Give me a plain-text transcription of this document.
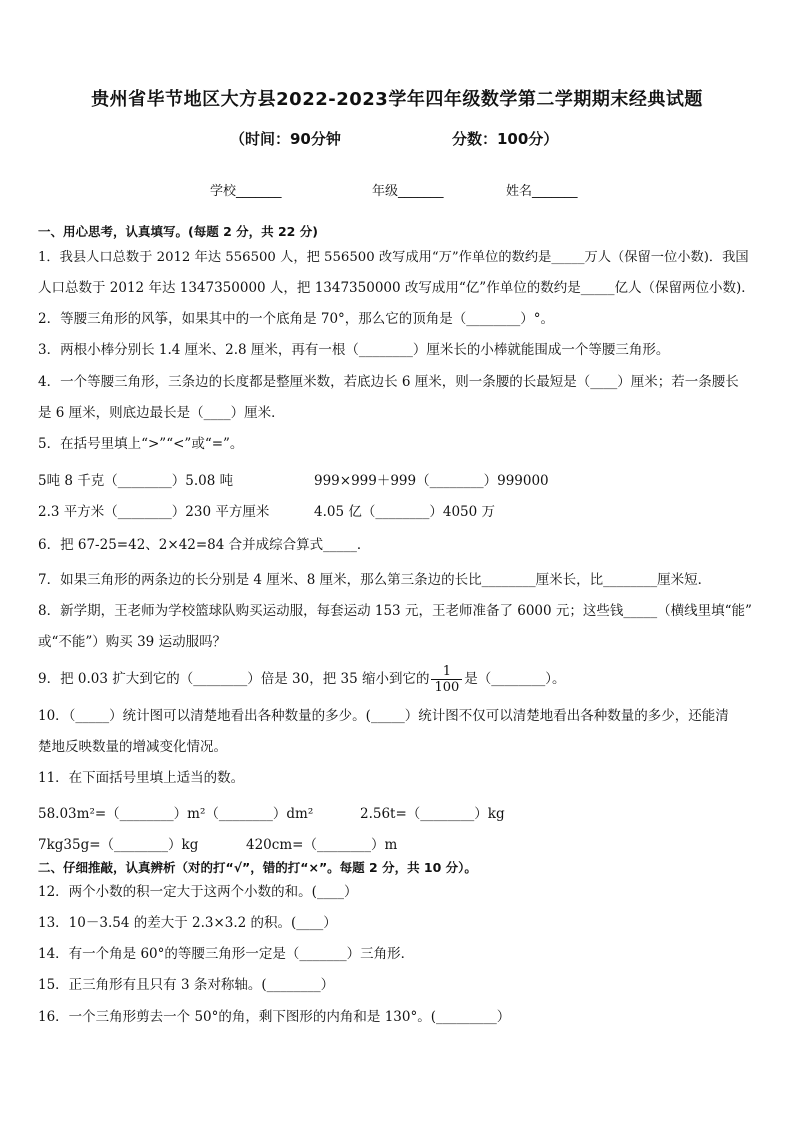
贵州省毕节地区大方县2022-2023学年四年级数学第二学期期末经典试题
（时间：90分钟	分数：100分）
学校_______	年级_______	姓名_______
一、用心思考，认真填写。(每题 2 分，共 22 分)
1．我县人口总数于 2012 年达 556500 人，把 556500 改写成用“万”作单位的数约是_____万人（保留一位小数)．我国
人口总数于 2012 年达 1347350000 人，把 1347350000 改写成用“亿”作单位的数约是_____亿人（保留两位小数)．
2．等腰三角形的风筝，如果其中的一个底角是 70°，那么它的顶角是（________）°。
3．两根小棒分别长 1.4 厘米、2.8 厘米，再有一根（________）厘米长的小棒就能围成一个等腰三角形。
4．一个等腰三角形，三条边的长度都是整厘米数，若底边长 6 厘米，则一条腰的长最短是（____）厘米；若一条腰长
是 6 厘米，则底边最长是（____）厘米．
5．在括号里填上“>”“<”或“=”。
5吨 8 千克（________）5.08 吨	999×999＋999（________）999000
2.3 平方米（________）230 平方厘米	4.05 亿（________）4050 万
6．把 67-25=42、2×42=84 合并成综合算式_____．
7．如果三角形的两条边的长分别是 4 厘米、8 厘米，那么第三条边的长比________厘米长，比________厘米短．
8．新学期，王老师为学校篮球队购买运动服，每套运动 153 元，王老师准备了 6000 元；这些钱_____（横线里填“能”
或“不能”）购买 39 运动服吗？
9．把 0.03 扩大到它的（________）倍是 30，把 35 缩小到它的 $\frac{1}{100}$ 是（________）。
10．（_____）统计图可以清楚地看出各种数量的多少。(_____）统计图不仅可以清楚地看出各种数量的多少，还能清
楚地反映数量的增减变化情况。
11．在下面括号里填上适当的数。
58.03m²=（________）m²（________）dm²	2.56t=（________）kg
7kg35g=（________）kg	420cm=（________）m
二、仔细推敲，认真辨析（对的打“√”，错的打“×”。每题 2 分，共 10 分）。
12．两个小数的积一定大于这两个小数的和。(____）
13．10－3.54 的差大于 2.3×3.2 的积。(____）
14．有一个角是 60°的等腰三角形一定是（_______）三角形．
15．正三角形有且只有 3 条对称轴。(________）
16．一个三角形剪去一个 50°的角，剩下图形的内角和是 130°。(_________）
